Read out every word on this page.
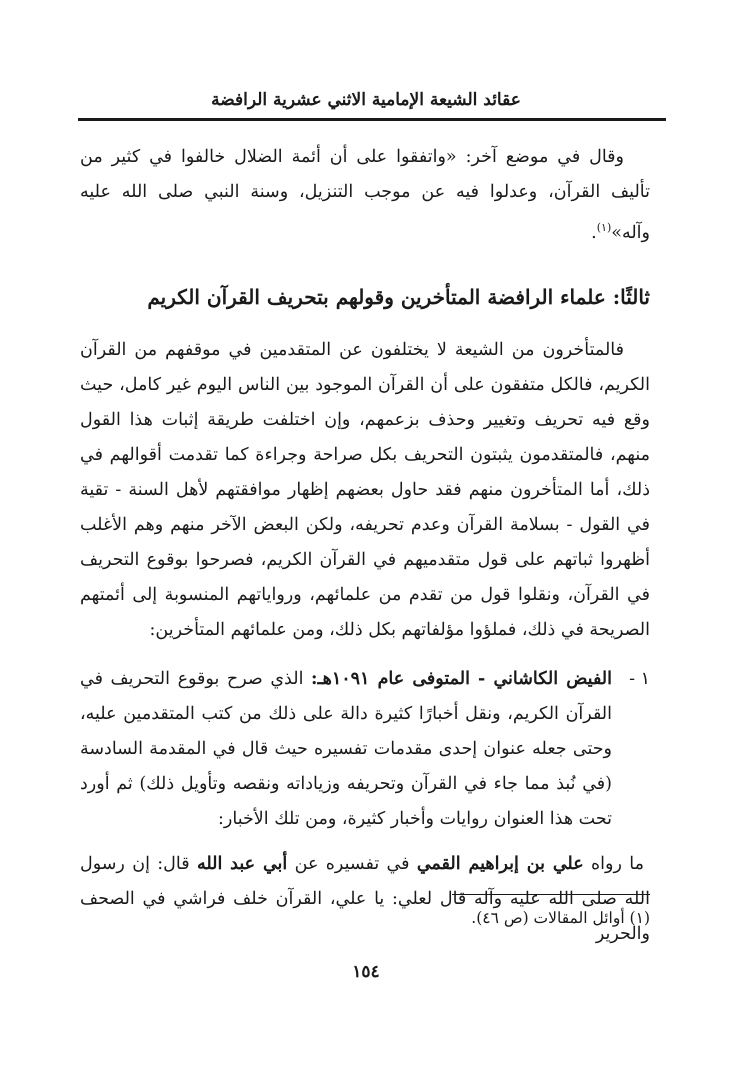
عقائد الشيعة الإمامية الاثني عشرية الرافضة

وقال في موضع آخر: «واتفقوا على أن أئمة الضلال خالفوا في كثير من تأليف القرآن، وعدلوا فيه عن موجب التنزيل، وسنة النبي صلى الله عليه وآله»$^{(١)}$.

ثالثًا: علماء الرافضة المتأخرين وقولهم بتحريف القرآن الكريم

فالمتأخرون من الشيعة لا يختلفون عن المتقدمين في موقفهم من القرآن الكريم، فالكل متفقون على أن القرآن الموجود بين الناس اليوم غير كامل، حيث وقع فيه تحريف وتغيير وحذف بزعمهم، وإن اختلفت طريقة إثبات هذا القول منهم، فالمتقدمون يثبتون التحريف بكل صراحة وجراءة كما تقدمت أقوالهم في ذلك، أما المتأخرون منهم فقد حاول بعضهم إظهار موافقتهم لأهل السنة - تقية في القول - بسلامة القرآن وعدم تحريفه، ولكن البعض الآخر منهم وهم الأغلب أظهروا ثباتهم على قول متقدميهم في القرآن الكريم، فصرحوا بوقوع التحريف في القرآن، ونقلوا قول من تقدم من علمائهم، ورواياتهم المنسوبة إلى أئمتهم الصريحة في ذلك، فملؤوا مؤلفاتهم بكل ذلك، ومن علمائهم المتأخرين:

١ -
الفيض الكاشاني - المتوفى عام ١٠٩١هـ: الذي صرح بوقوع التحريف في القرآن الكريم، ونقل أخبارًا كثيرة دالة على ذلك من كتب المتقدمين عليه، وحتى جعله عنوان إحدى مقدمات تفسيره حيث قال في المقدمة السادسة (في نُبذ مما جاء في القرآن وتحريفه وزياداته ونقصه وتأويل ذلك) ثم أورد تحت هذا العنوان روايات وأخبار كثيرة، ومن تلك الأخبار:

ما رواه علي بن إبراهيم القمي في تفسيره عن أبي عبد الله قال: إن رسول الله صلى الله عليه وآله قال لعلي: يا علي، القرآن خلف فراشي في الصحف والحرير

(١) أوائل المقالات (ص ٤٦).
١٥٤
